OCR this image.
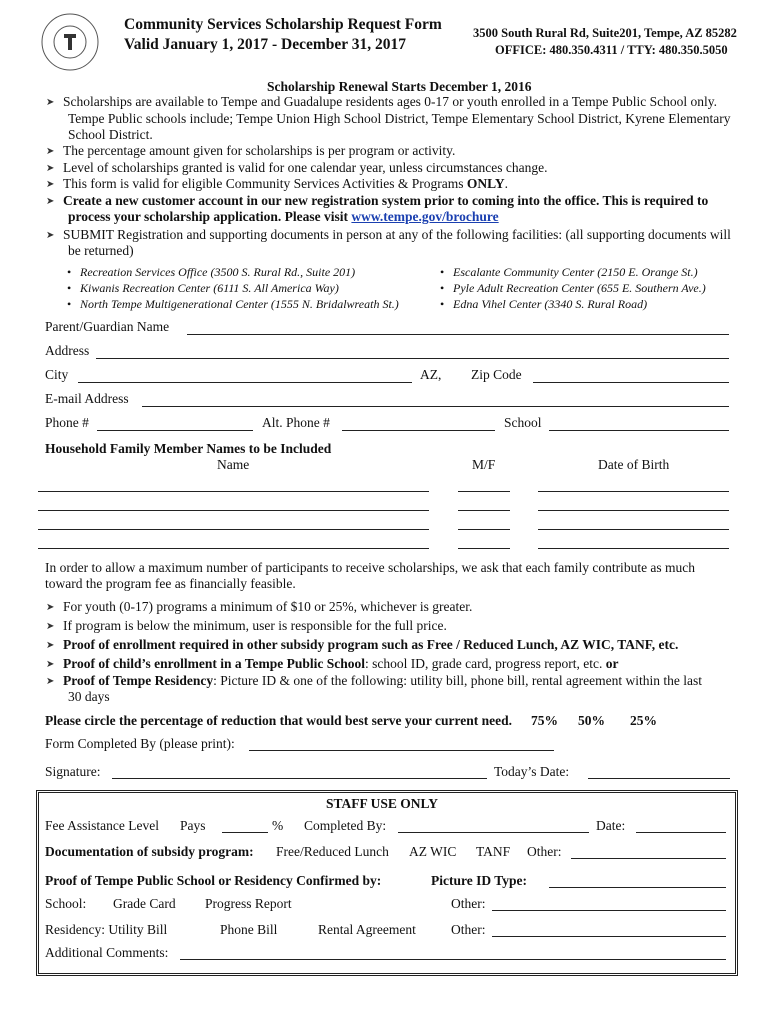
Community Services Scholarship Request Form
Valid January 1, 2017 - December 31, 2017
3500 South Rural Rd, Suite201, Tempe, AZ 85282
OFFICE: 480.350.4311 / TTY: 480.350.5050
Scholarship Renewal Starts December 1, 2016
➤ Scholarships are available to Tempe and Guadalupe residents ages 0-17 or youth enrolled in a Tempe Public School only.
Tempe Public schools include; Tempe Union High School District, Tempe Elementary School District, Kyrene Elementary
School District.
➤ The percentage amount given for scholarships is per program or activity.
➤ Level of scholarships granted is valid for one calendar year, unless circumstances change.
➤ This form is valid for eligible Community Services Activities & Programs ONLY.
➤ Create a new customer account in our new registration system prior to coming into the office. This is required to
process your scholarship application. Please visit www.tempe.gov/brochure
➤ SUBMIT Registration and supporting documents in person at any of the following facilities: (all supporting documents will
be returned)
• Recreation Services Office (3500 S. Rural Rd., Suite 201)
• Kiwanis Recreation Center (6111 S. All America Way)
• North Tempe Multigenerational Center (1555 N. Bridalwreath St.)
• Escalante Community Center (2150 E. Orange St.)
• Pyle Adult Recreation Center (655 E. Southern Ave.)
• Edna Vihel Center (3340 S. Rural Road)
Parent/Guardian Name
Address
City	AZ, Zip Code
E-mail Address
Phone #	Alt. Phone #	School
Household Family Member Names to be Included
Name	M/F	Date of Birth
In order to allow a maximum number of participants to receive scholarships, we ask that each family contribute as much
toward the program fee as financially feasible.
➤ For youth (0-17) programs a minimum of $10 or 25%, whichever is greater.
➤ If program is below the minimum, user is responsible for the full price.
➤ Proof of enrollment required in other subsidy program such as Free / Reduced Lunch, AZ WIC, TANF, etc.
➤ Proof of child’s enrollment in a Tempe Public School: school ID, grade card, progress report, etc. or
➤ Proof of Tempe Residency: Picture ID & one of the following: utility bill, phone bill, rental agreement within the last
30 days
Please circle the percentage of reduction that would best serve your current need. 75% 50% 25%
Form Completed By (please print):
Signature:	Today’s Date:
STAFF USE ONLY
Fee Assistance Level Pays	% Completed By:	Date:
Documentation of subsidy program: Free/Reduced Lunch AZ WIC TANF Other:
Proof of Tempe Public School or Residency Confirmed by:	Picture ID Type:
School: Grade Card Progress Report	Other:
Residency: Utility Bill	Phone Bill	Rental Agreement	Other:
Additional Comments:
